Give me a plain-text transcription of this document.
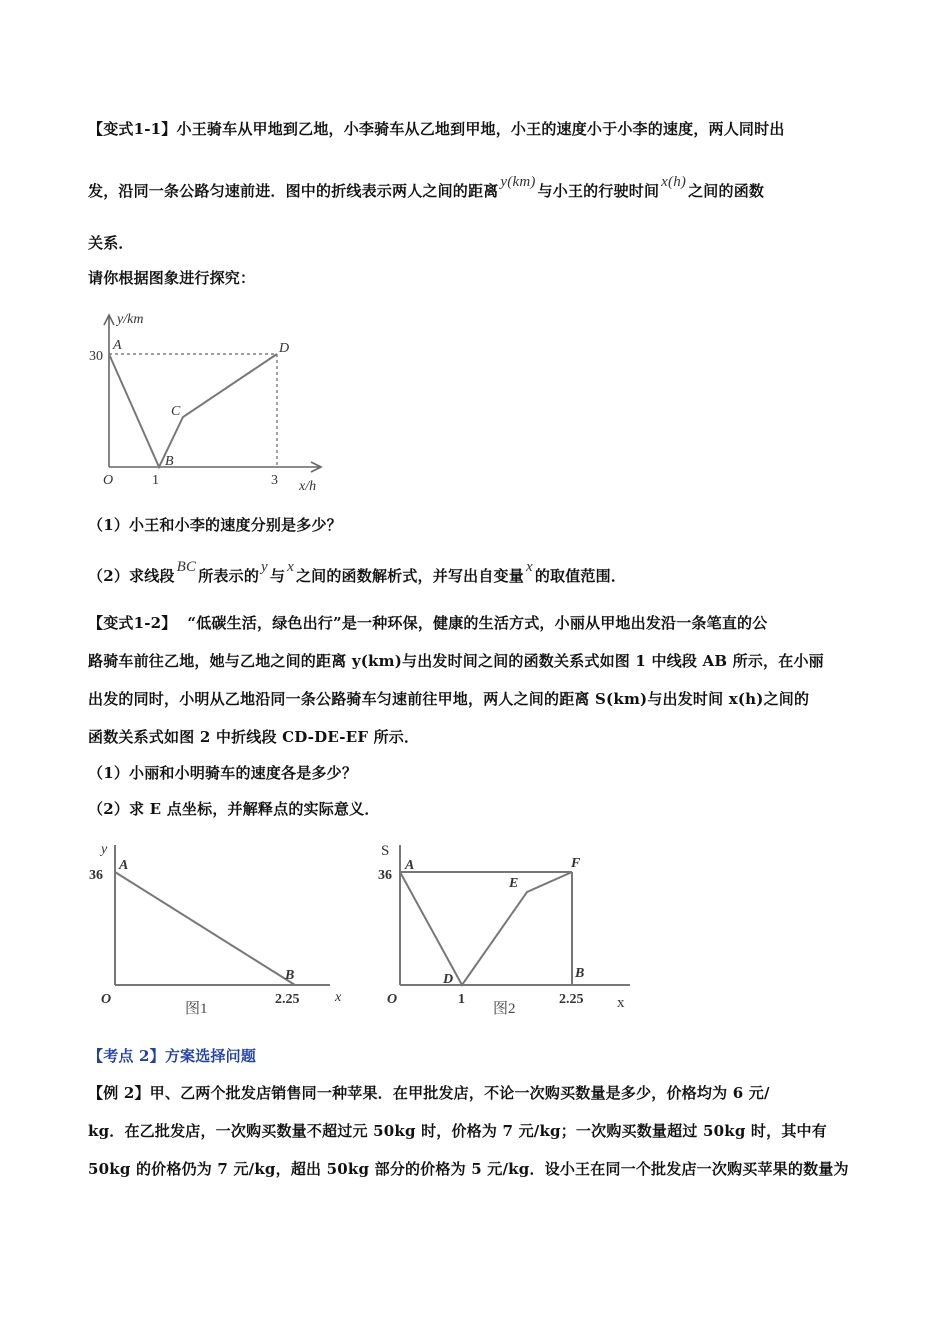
【变式1-1】小王骑车从甲地到乙地，小李骑车从乙地到甲地，小王的速度小于小李的速度，两人同时出
发，沿同一条公路匀速前进．图中的折线表示两人之间的距离 y(km) 与小王的行驶时间 x(h) 之间的函数
关系．
请你根据图象进行探究：
y/km
30
A
B
C
D
O	1	3 x/h
（1）小王和小李的速度分别是多少？
（2）求线段 BC 所表示的 y 与 x 之间的函数解析式，并写出自变量 x 的取值范围．
【变式1-2】 “低碳生活，绿色出行”是一种环保，健康的生活方式，小丽从甲地出发沿一条笔直的公
路骑车前往乙地，她与乙地之间的距离 y(km)与出发时间之间的函数关系式如图 1 中线段 AB 所示，在小丽
出发的同时，小明从乙地沿同一条公路骑车匀速前往甲地，两人之间的距离 S(km)与出发时间 x(h)之间的
函数关系式如图 2 中折线段 CD-DE-EF 所示．
（1）小丽和小明骑车的速度各是多少？
（2）求 E 点坐标，并解释点的实际意义．
y
36
A
B
O
图1
2.25	x
S
36
A	F
E
D	B
O	1
图2
2.25 x
【考点 2】方案选择问题
【例 2】甲、乙两个批发店销售同一种苹果．在甲批发店，不论一次购买数量是多少，价格均为 6 元/
kg．在乙批发店，一次购买数量不超过元 50kg 时，价格为 7 元/kg；一次购买数量超过 50kg 时，其中有
50kg 的价格仍为 7 元/kg，超出 50kg 部分的价格为 5 元/kg．设小王在同一个批发店一次购买苹果的数量为
